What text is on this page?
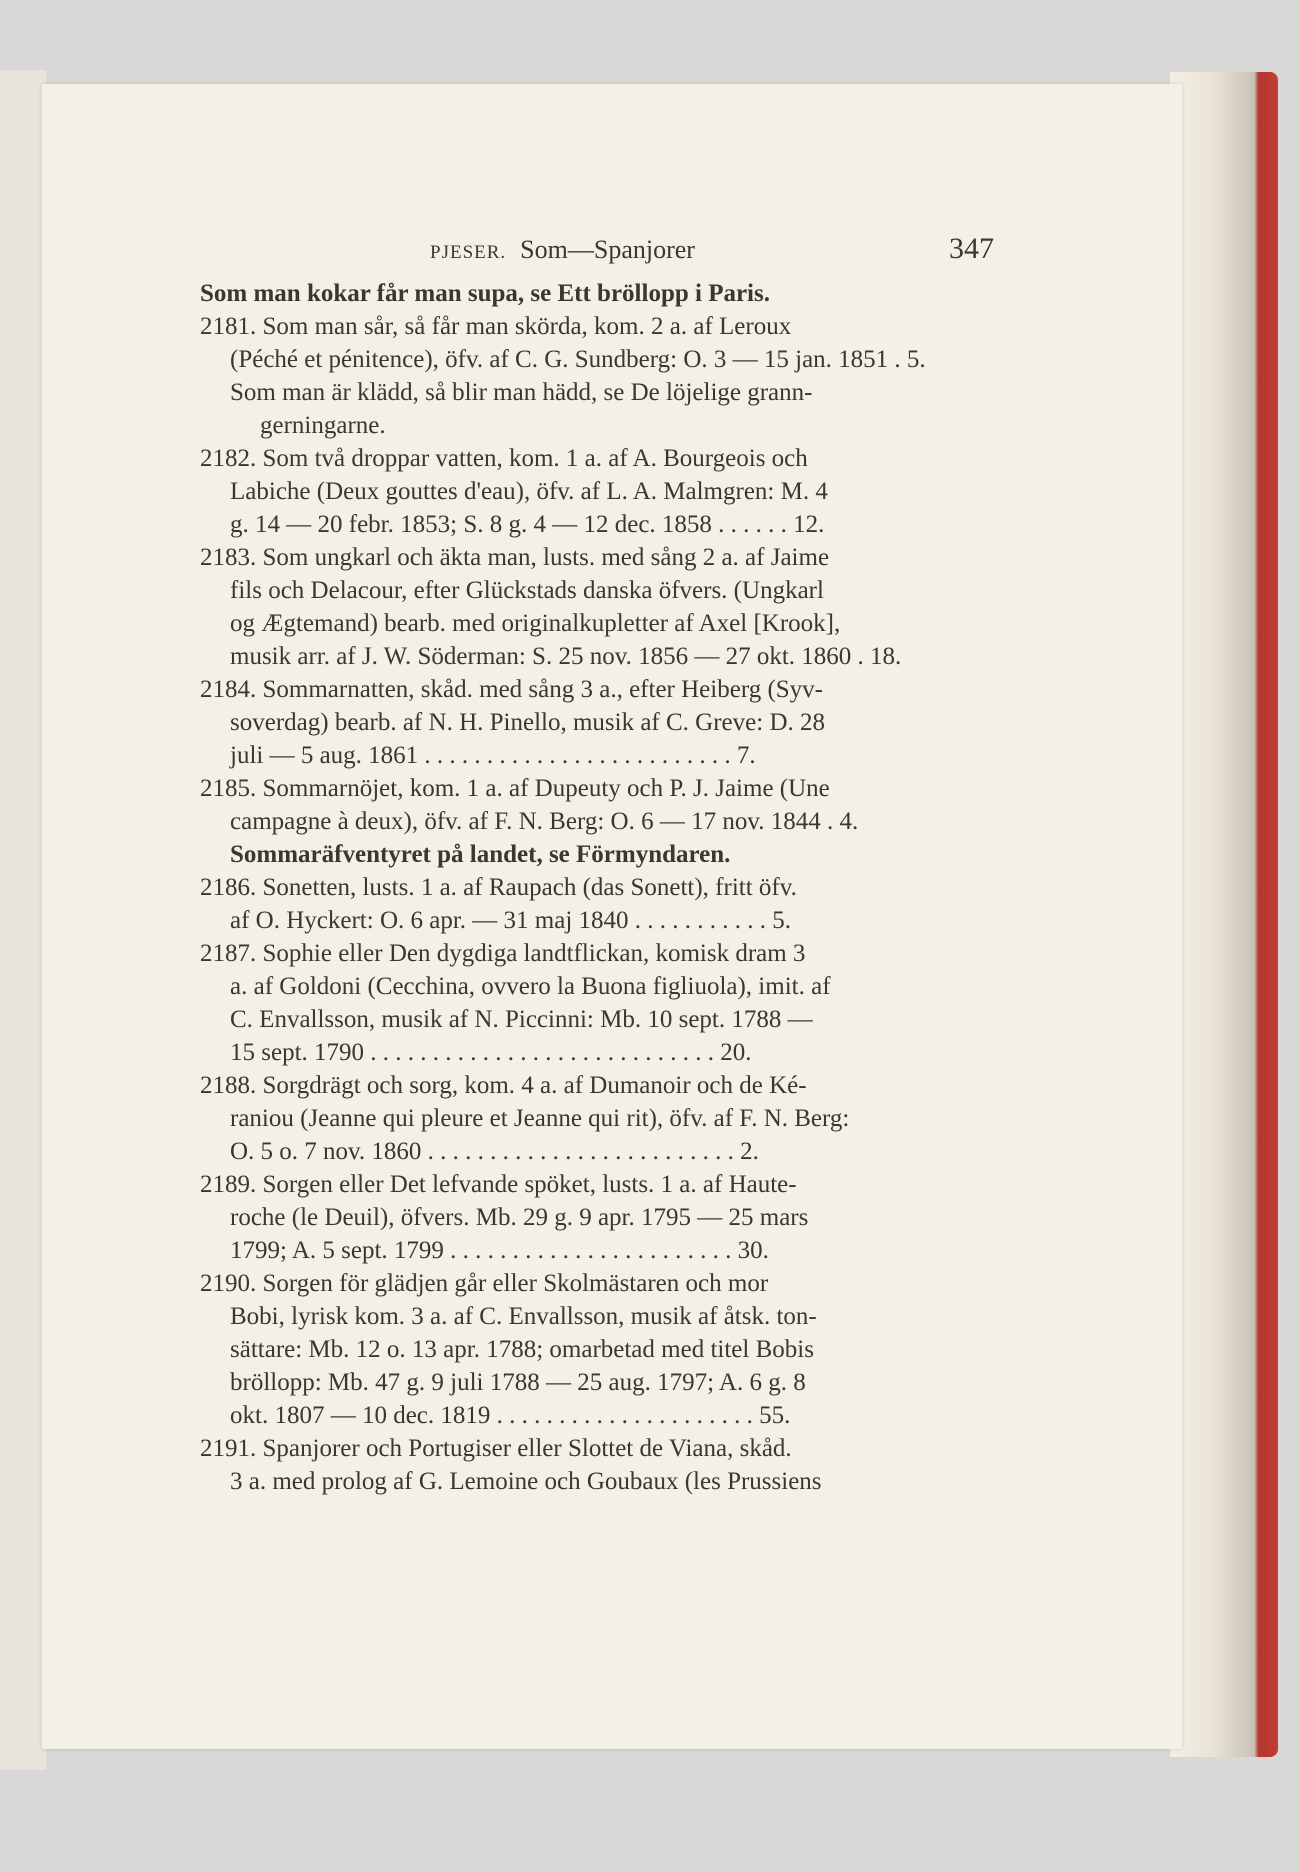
PJESER. Som—Spanjorer	347
Som man kokar får man supa, se Ett bröllopp i Paris.
2181. Som man sår, så får man skörda, kom. 2 a. af Leroux
(Péché et pénitence), öfv. af C. G. Sundberg: O. 3 — 15 jan. 1851 . 5.
Som man är klädd, så blir man hädd, se De löjelige grann-
gerningarne.
2182. Som två droppar vatten, kom. 1 a. af A. Bourgeois och
Labiche (Deux gouttes d'eau), öfv. af L. A. Malmgren: M. 4
g. 14 — 20 febr. 1853; S. 8 g. 4 — 12 dec. 1858 . . . . . . 12.
2183. Som ungkarl och äkta man, lusts. med sång 2 a. af Jaime
fils och Delacour, efter Glückstads danska öfvers. (Ungkarl
og Ægtemand) bearb. med originalkupletter af Axel [Krook],
musik arr. af J. W. Söderman: S. 25 nov. 1856 — 27 okt. 1860 . 18.
2184. Sommarnatten, skåd. med sång 3 a., efter Heiberg (Syv-
soverdag) bearb. af N. H. Pinello, musik af C. Greve: D. 28
juli — 5 aug. 1861 . . . . . . . . . . . . . . . . . . . . . . . . . 7.
2185. Sommarnöjet, kom. 1 a. af Dupeuty och P. J. Jaime (Une
campagne à deux), öfv. af F. N. Berg: O. 6 — 17 nov. 1844 . 4.
Sommaräfventyret på landet, se Förmyndaren.
2186. Sonetten, lusts. 1 a. af Raupach (das Sonett), fritt öfv.
af O. Hyckert: O. 6 apr. — 31 maj 1840 . . . . . . . . . . . 5.
2187. Sophie eller Den dygdiga landtflickan, komisk dram 3
a. af Goldoni (Cecchina, ovvero la Buona figliuola), imit. af
C. Envallsson, musik af N. Piccinni: Mb. 10 sept. 1788 —
15 sept. 1790 . . . . . . . . . . . . . . . . . . . . . . . . . . . . 20.
2188. Sorgdrägt och sorg, kom. 4 a. af Dumanoir och de Ké-
raniou (Jeanne qui pleure et Jeanne qui rit), öfv. af F. N. Berg:
O. 5 o. 7 nov. 1860 . . . . . . . . . . . . . . . . . . . . . . . . . 2.
2189. Sorgen eller Det lefvande spöket, lusts. 1 a. af Haute-
roche (le Deuil), öfvers. Mb. 29 g. 9 apr. 1795 — 25 mars
1799; A. 5 sept. 1799 . . . . . . . . . . . . . . . . . . . . . . . 30.
2190. Sorgen för glädjen går eller Skolmästaren och mor
Bobi, lyrisk kom. 3 a. af C. Envallsson, musik af åtsk. ton-
sättare: Mb. 12 o. 13 apr. 1788; omarbetad med titel Bobis
bröllopp: Mb. 47 g. 9 juli 1788 — 25 aug. 1797; A. 6 g. 8
okt. 1807 — 10 dec. 1819 . . . . . . . . . . . . . . . . . . . . . 55.
2191. Spanjorer och Portugiser eller Slottet de Viana, skåd.
3 a. med prolog af G. Lemoine och Goubaux (les Prussiens
